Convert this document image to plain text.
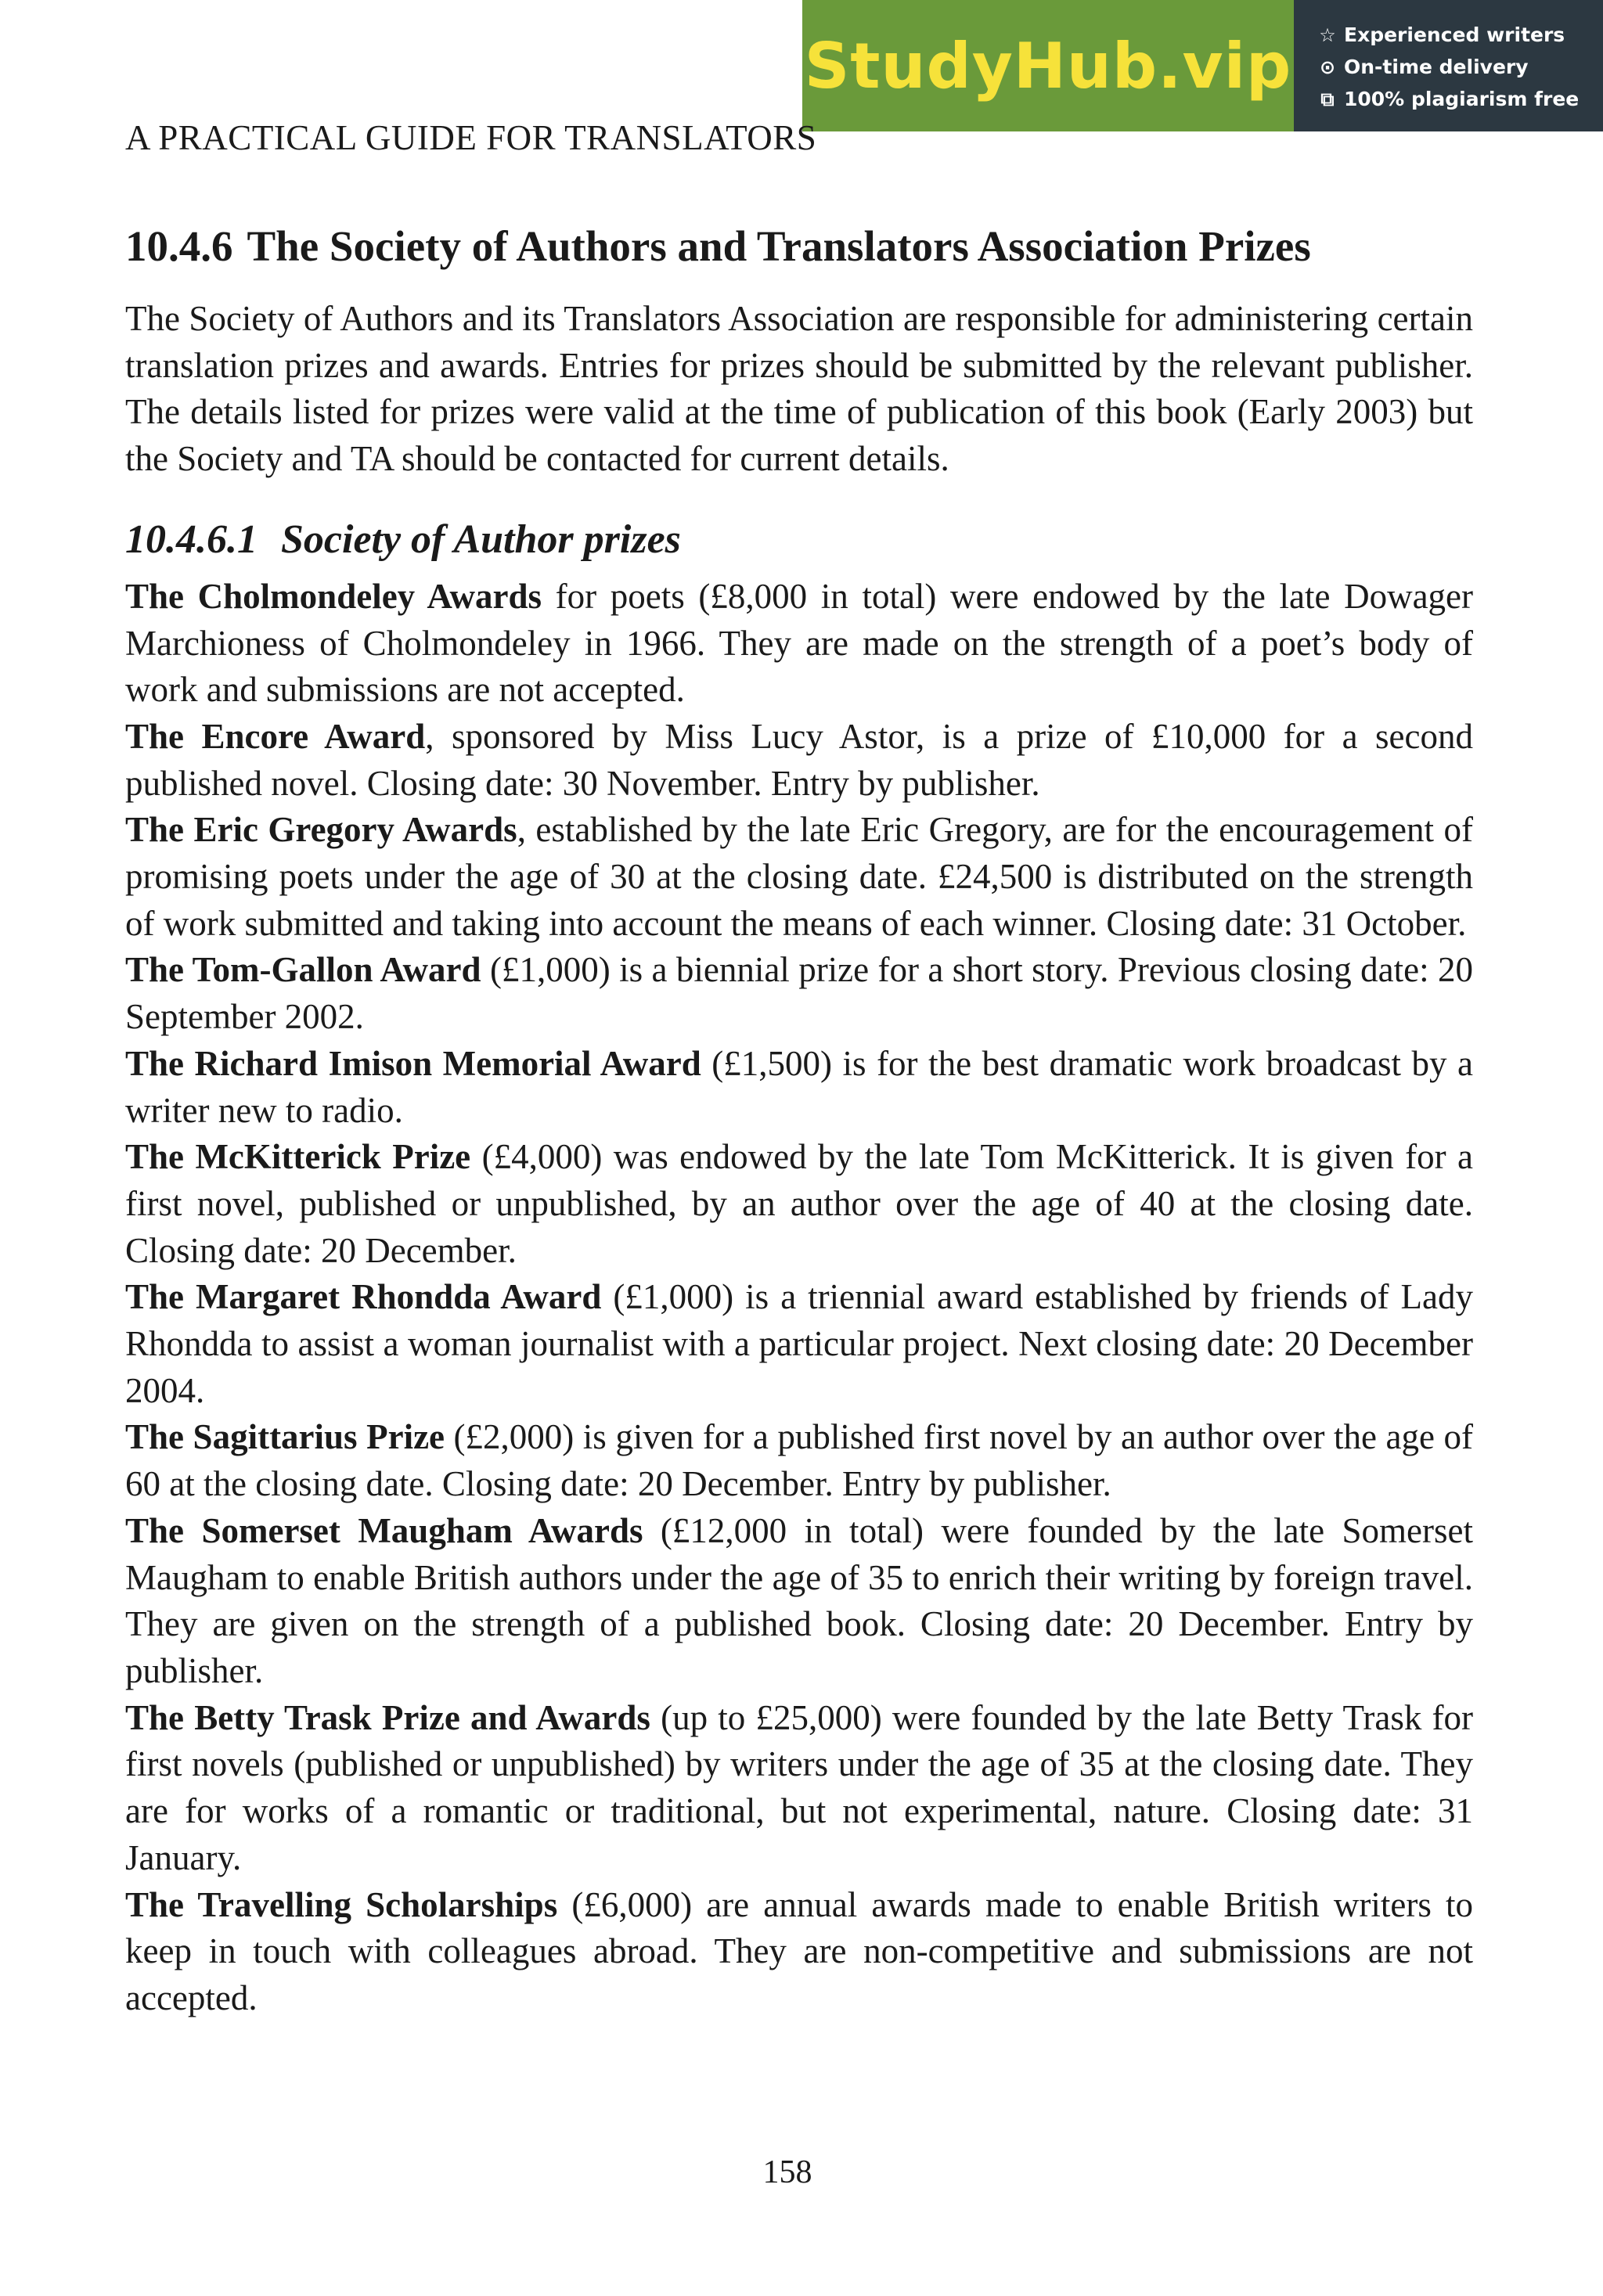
StudyHub.vip ☆ Experienced writers
⊙ On-time delivery
⧉ 100% plagiarism free
A PRACTICAL GUIDE FOR TRANSLATORS
10.4.6 The Society of Authors and Translators Association Prizes

The Society of Authors and its Translators Association are responsible for administering certain translation prizes and awards. Entries for prizes should be submitted by the relevant publisher. The details listed for prizes were valid at the time of publication of this book (Early 2003) but the Society and TA should be contacted for current details.

10.4.6.1 Society of Author prizes

The Cholmondeley Awards for poets (£8,000 in total) were endowed by the late Dowager Marchioness of Cholmondeley in 1966. They are made on the strength of a poet’s body of work and submissions are not accepted.

The Encore Award, sponsored by Miss Lucy Astor, is a prize of £10,000 for a second published novel. Closing date: 30 November. Entry by publisher.

The Eric Gregory Awards, established by the late Eric Gregory, are for the encouragement of promising poets under the age of 30 at the closing date. £24,500 is distributed on the strength of work submitted and taking into account the means of each winner. Closing date: 31 October.

The Tom-Gallon Award (£1,000) is a biennial prize for a short story. Previous closing date: 20 September 2002.

The Richard Imison Memorial Award (£1,500) is for the best dramatic work broadcast by a writer new to radio.

The McKitterick Prize (£4,000) was endowed by the late Tom McKitterick. It is given for a first novel, published or unpublished, by an author over the age of 40 at the closing date. Closing date: 20 December.

The Margaret Rhondda Award (£1,000) is a triennial award established by friends of Lady Rhondda to assist a woman journalist with a particular project. Next closing date: 20 December 2004.

The Sagittarius Prize (£2,000) is given for a published first novel by an author over the age of 60 at the closing date. Closing date: 20 December. Entry by publisher.

The Somerset Maugham Awards (£12,000 in total) were founded by the late Somerset Maugham to enable British authors under the age of 35 to enrich their writing by foreign travel. They are given on the strength of a published book. Closing date: 20 December. Entry by publisher.

The Betty Trask Prize and Awards (up to £25,000) were founded by the late Betty Trask for first novels (published or unpublished) by writers under the age of 35 at the closing date. They are for works of a romantic or traditional, but not experimental, nature. Closing date: 31 January.

The Travelling Scholarships (£6,000) are annual awards made to enable British writers to keep in touch with colleagues abroad. They are non-competitive and submissions are not accepted.

158
